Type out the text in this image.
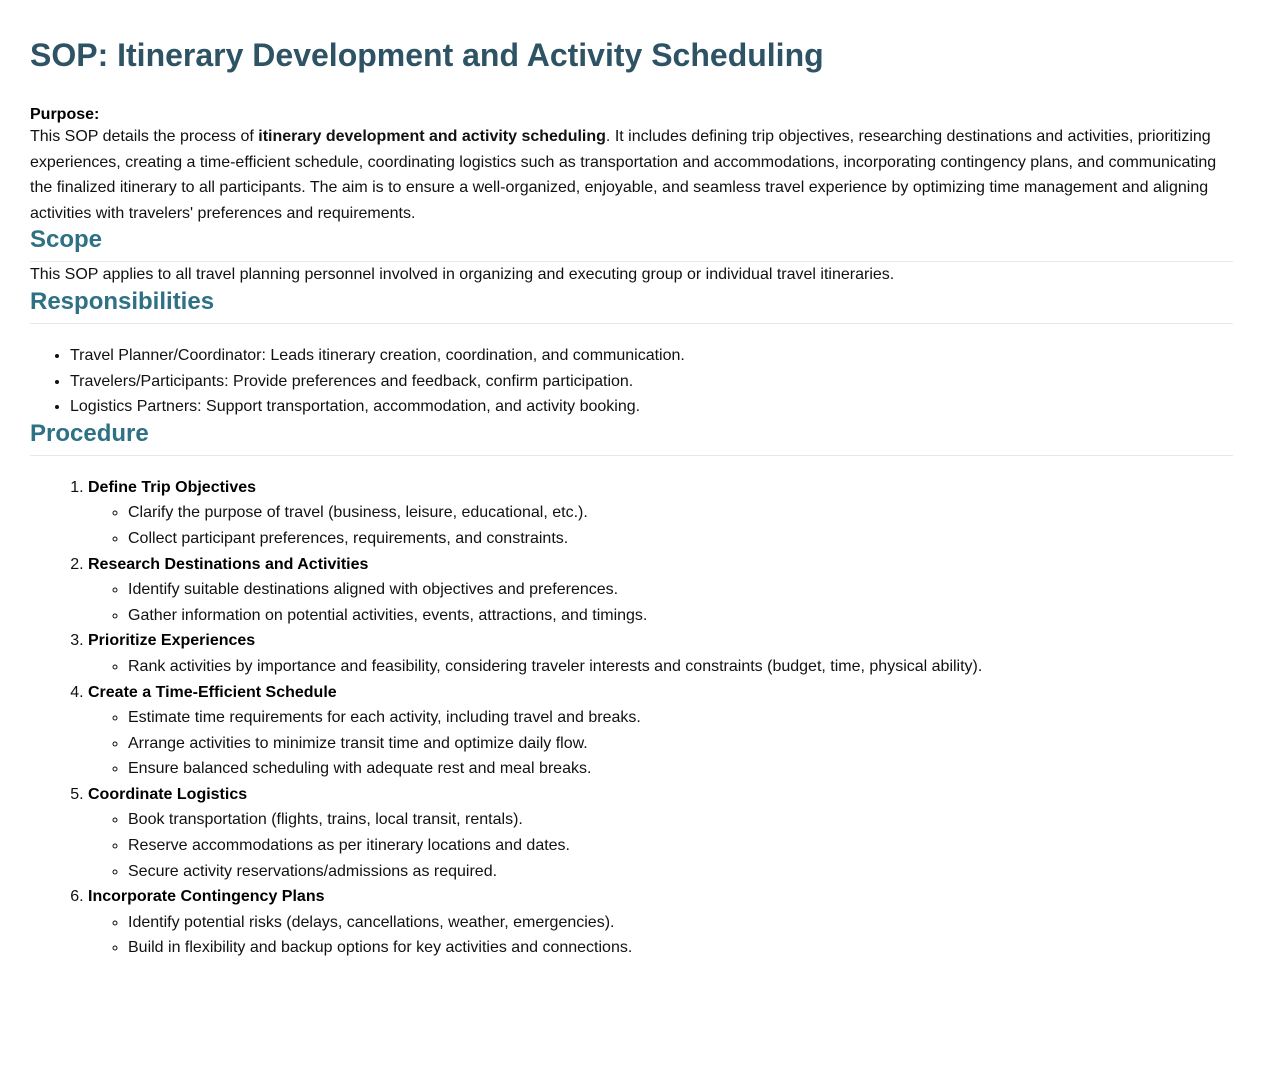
SOP: Itinerary Development and Activity Scheduling
Purpose:

This SOP details the process of itinerary development and activity scheduling. It includes defining trip objectives, researching destinations and activities, prioritizing experiences, creating a time-efficient schedule, coordinating logistics such as transportation and accommodations, incorporating contingency plans, and communicating the finalized itinerary to all participants. The aim is to ensure a well-organized, enjoyable, and seamless travel experience by optimizing time management and aligning activities with travelers' preferences and requirements.

Scope

This SOP applies to all travel planning personnel involved in organizing and executing group or individual travel itineraries.

Responsibilities
• Travel Planner/Coordinator: Leads itinerary creation, coordination, and communication.
• Travelers/Participants: Provide preferences and feedback, confirm participation.
• Logistics Partners: Support transportation, accommodation, and activity booking.
Procedure
1. Define Trip Objectives
◦ Clarify the purpose of travel (business, leisure, educational, etc.).
◦ Collect participant preferences, requirements, and constraints.
2. Research Destinations and Activities
◦ Identify suitable destinations aligned with objectives and preferences.
◦ Gather information on potential activities, events, attractions, and timings.
3. Prioritize Experiences
◦ Rank activities by importance and feasibility, considering traveler interests and constraints (budget, time, physical ability).
4. Create a Time-Efficient Schedule
◦ Estimate time requirements for each activity, including travel and breaks.
◦ Arrange activities to minimize transit time and optimize daily flow.
◦ Ensure balanced scheduling with adequate rest and meal breaks.
5. Coordinate Logistics
◦ Book transportation (flights, trains, local transit, rentals).
◦ Reserve accommodations as per itinerary locations and dates.
◦ Secure activity reservations/admissions as required.
6. Incorporate Contingency Plans
◦ Identify potential risks (delays, cancellations, weather, emergencies).
◦ Build in flexibility and backup options for key activities and connections.
